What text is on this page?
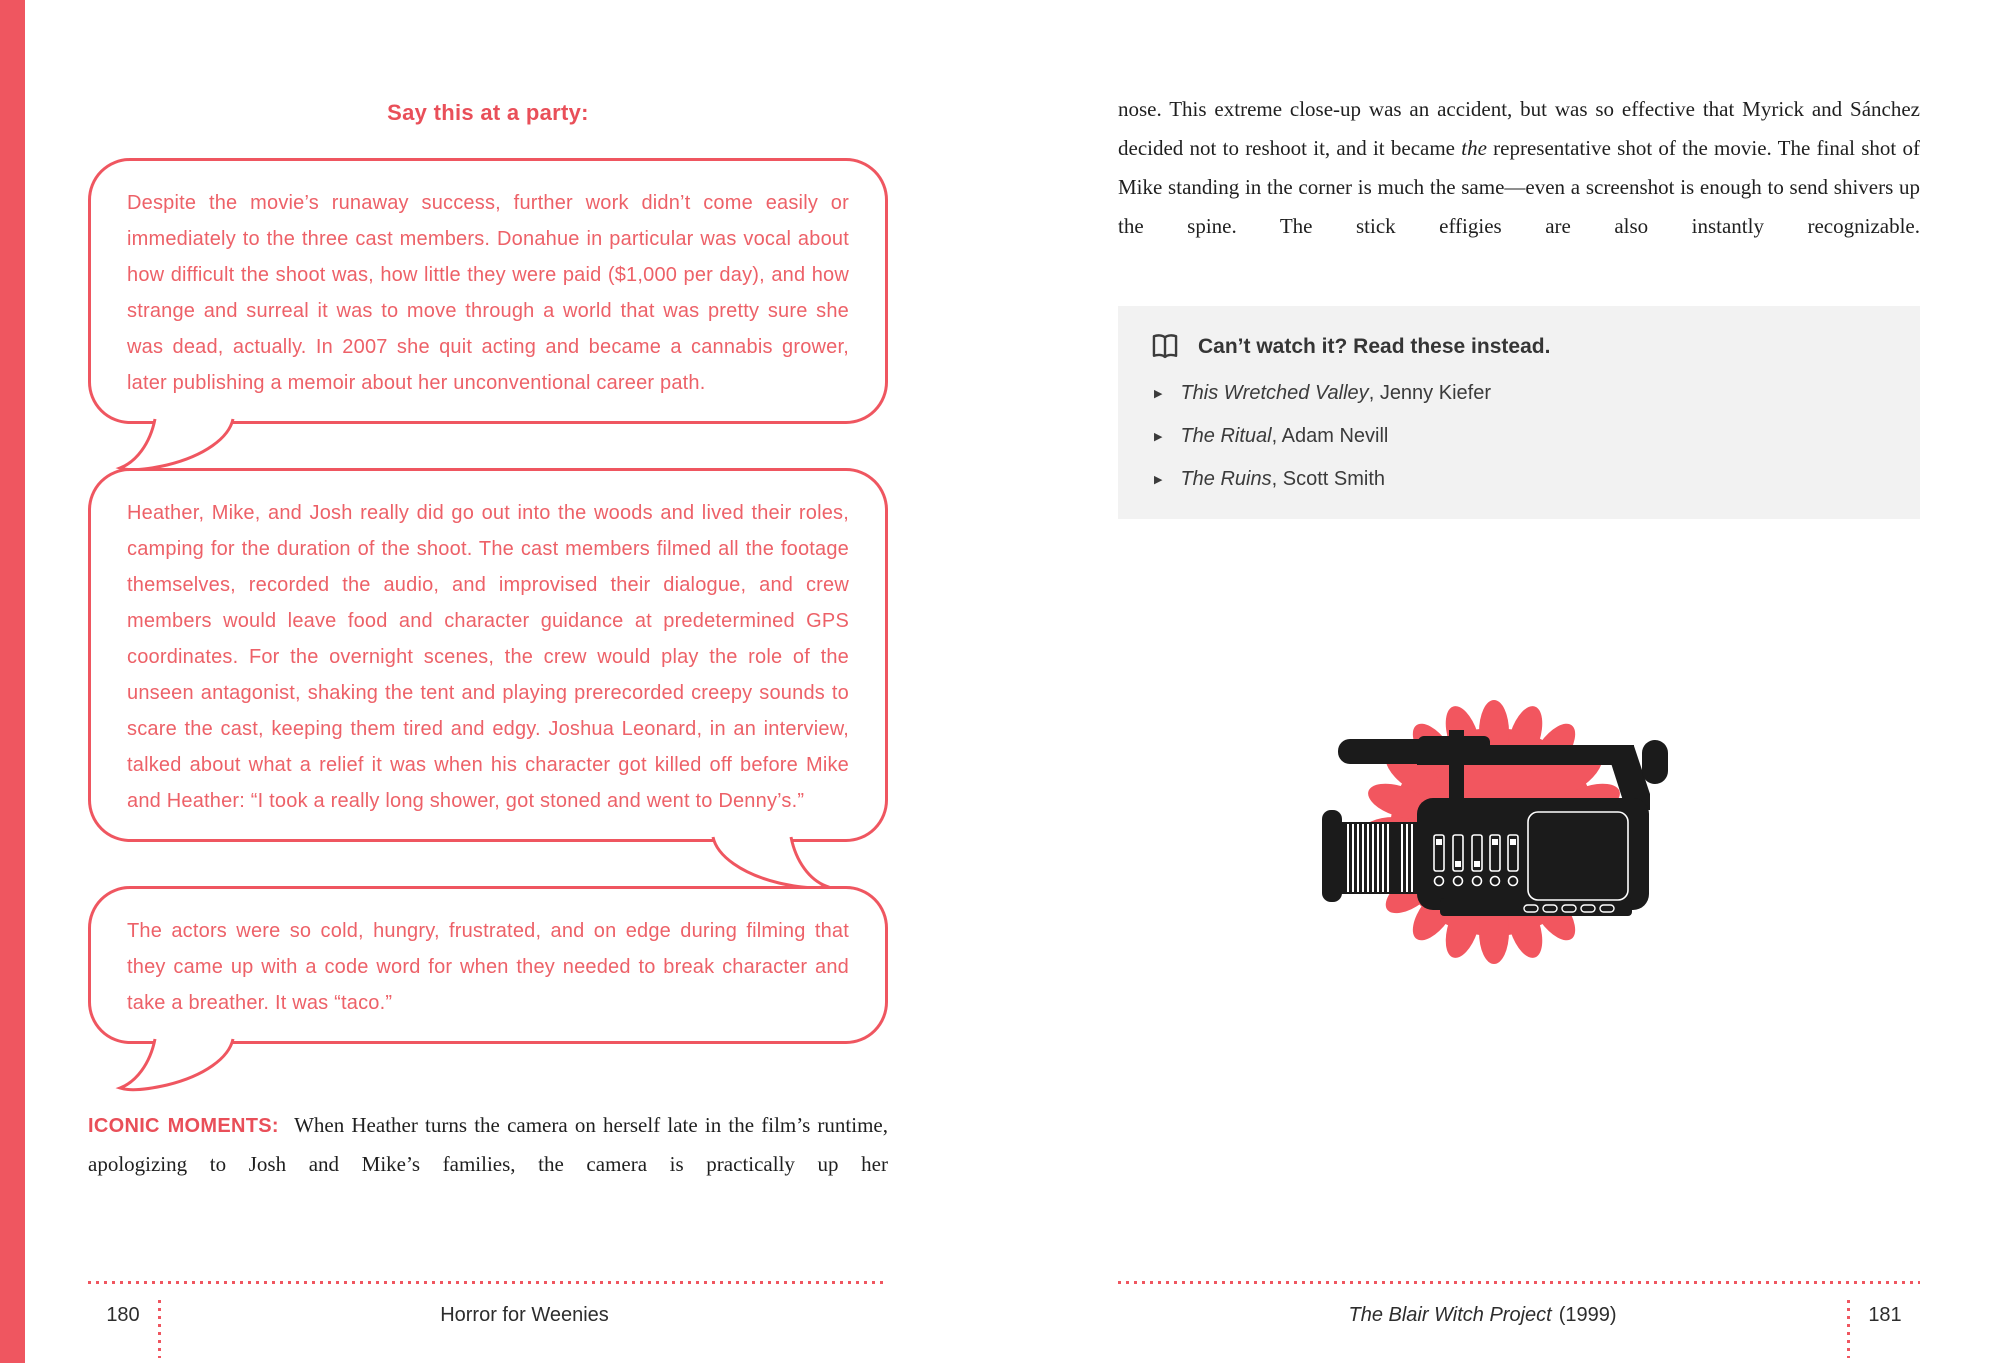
Say this at a party:
Despite the movie’s runaway success, further work didn’t come easily or immediately to the three cast members. Donahue in particular was vocal about how difficult the shoot was, how little they were paid ($1,000 per day), and how strange and surreal it was to move through a world that was pretty sure she was dead, actually. In 2007 she quit acting and became a cannabis grower, later publishing a memoir about her unconventional career path.
Heather, Mike, and Josh really did go out into the woods and lived their roles, camping for the duration of the shoot. The cast members filmed all the footage themselves, recorded the audio, and improvised their dialogue, and crew members would leave food and character guidance at predetermined GPS coordinates. For the overnight scenes, the crew would play the role of the unseen antagonist, shaking the tent and playing prerecorded creepy sounds to scare the cast, keeping them tired and edgy. Joshua Leonard, in an interview, talked about what a relief it was when his character got killed off before Mike and Heather: “I took a really long shower, got stoned and went to Denny’s.”
The actors were so cold, hungry, frustrated, and on edge during filming that they came up with a code word for when they needed to break character and take a breather. It was “taco.”

ICONIC MOMENTS: When Heather turns the camera on herself late in the film’s runtime, apologizing to Josh and Mike’s families, the camera is practically up her

180	Horror for Weenies

nose. This extreme close-up was an accident, but was so effective that Myrick and Sánchez decided not to reshoot it, and it became the representative shot of the movie. The final shot of Mike standing in the corner is much the same—even a screenshot is enough to send shivers up the spine. The stick effigies are also instantly recognizable.

Can’t watch it? Read these instead.
▶ This Wretched Valley, Jenny Kiefer
▶ The Ritual, Adam Nevill
▶ The Ruins, Scott Smith
The Blair Witch Project (1999)	181
